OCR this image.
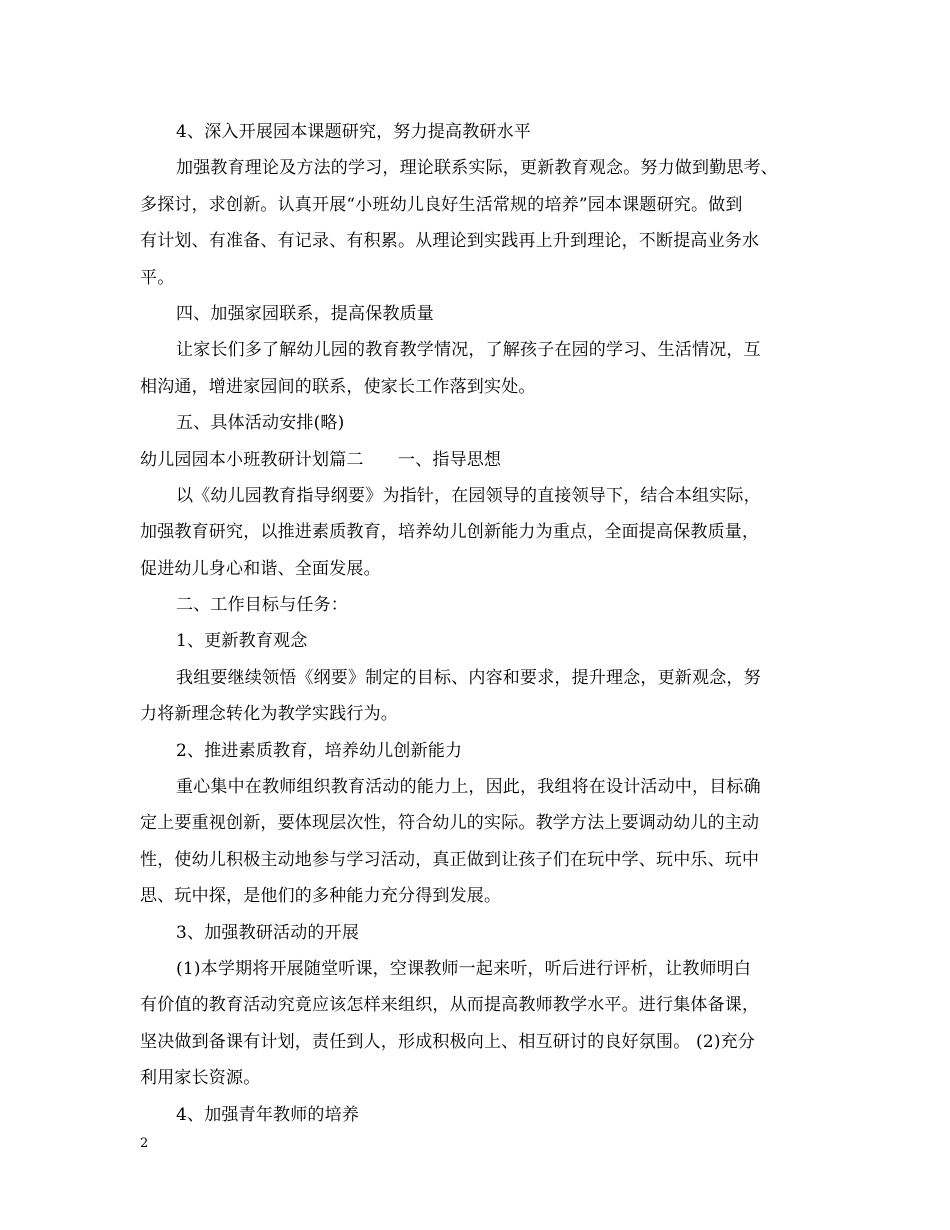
4、深入开展园本课题研究，努力提高教研水平
加强教育理论及方法的学习，理论联系实际，更新教育观念。努力做到勤思考、
多探讨，求创新。认真开展“小班幼儿良好生活常规的培养”园本课题研究。做到
有计划、有准备、有记录、有积累。从理论到实践再上升到理论，不断提高业务水
平。
四、加强家园联系，提高保教质量
让家长们多了解幼儿园的教育教学情况，了解孩子在园的学习、生活情况，互
相沟通，增进家园间的联系，使家长工作落到实处。
五、具体活动安排(略)
幼儿园园本小班教研计划篇二　　一、指导思想
以《幼儿园教育指导纲要》为指针，在园领导的直接领导下，结合本组实际，
加强教育研究，以推进素质教育，培养幼儿创新能力为重点，全面提高保教质量，
促进幼儿身心和谐、全面发展。
二、工作目标与任务：
1、更新教育观念
我组要继续领悟《纲要》制定的目标、内容和要求，提升理念，更新观念，努
力将新理念转化为教学实践行为。
2、推进素质教育，培养幼儿创新能力
重心集中在教师组织教育活动的能力上，因此，我组将在设计活动中，目标确
定上要重视创新，要体现层次性，符合幼儿的实际。教学方法上要调动幼儿的主动
性，使幼儿积极主动地参与学习活动，真正做到让孩子们在玩中学、玩中乐、玩中
思、玩中探，是他们的多种能力充分得到发展。
3、加强教研活动的开展
(1)本学期将开展随堂听课，空课教师一起来听，听后进行评析，让教师明白
有价值的教育活动究竟应该怎样来组织，从而提高教师教学水平。进行集体备课，
坚决做到备课有计划，责任到人，形成积极向上、相互研讨的良好氛围。 (2)充分
利用家长资源。
4、加强青年教师的培养
2
